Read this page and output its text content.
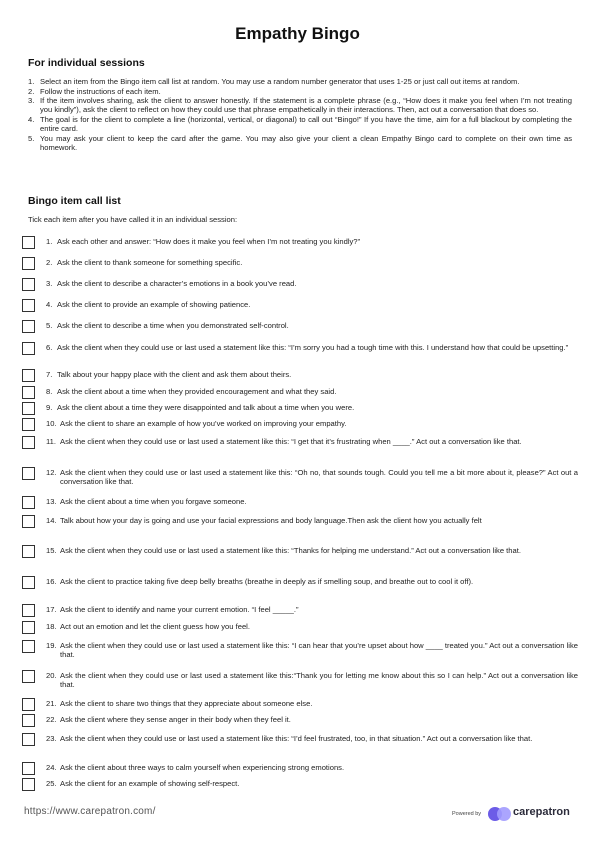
Empathy Bingo
For individual sessions
1. Select an item from the Bingo item call list at random. You may use a random number generator that uses 1-25 or just call out items at random.
2. Follow the instructions of each item.
3. If the item involves sharing, ask the client to answer honestly. If the statement is a complete phrase (e.g., “How does it make you feel when I’m not treating you kindly”), ask the client to reflect on how they could use that phrase empathetically in their interactions. Then, act out a conversation that does so.
4. The goal is for the client to complete a line (horizontal, vertical, or diagonal) to call out “Bingo!” If you have the time, aim for a full blackout by completing the entire card.
5. You may ask your client to keep the card after the game. You may also give your client a clean Empathy Bingo card to complete on their own time as homework.
Bingo item call list
Tick each item after you have called it in an individual session:
1. Ask each other and answer: “How does it make you feel when I’m not treating you kindly?”
2. Ask the client to thank someone for something specific.
3. Ask the client to describe a character’s emotions in a book you’ve read.
4. Ask the client to provide an example of showing patience.
5. Ask the client to describe a time when you demonstrated self-control.
6. Ask the client when they could use or last used a statement like this: “I’m sorry you had a tough time with this. I understand how that could be upsetting.”
7. Talk about your happy place with the client and ask them about theirs.
8. Ask the client about a time when they provided encouragement and what they said.
9. Ask the client about a time they were disappointed and talk about a time when you were.
10. Ask the client to share an example of how you’ve worked on improving your empathy.
11. Ask the client when they could use or last used a statement like this: “I get that it’s frustrating when ____.” Act out a conversation like that.
12. Ask the client when they could use or last used a statement like this: “Oh no, that sounds tough. Could you tell me a bit more about it, please?” Act out a conversation like that.
13. Ask the client about a time when you forgave someone.
14. Talk about how your day is going and use your facial expressions and body language.Then ask the client how you actually felt
15. Ask the client when they could use or last used a statement like this: “Thanks for helping me understand.” Act out a conversation like that.
16. Ask the client to practice taking five deep belly breaths (breathe in deeply as if smelling soup, and breathe out to cool it off).
17. Ask the client to identify and name your current emotion. “I feel _____.”
18. Act out an emotion and let the client guess how you feel.
19. Ask the client when they could use or last used a statement like this: “I can hear that you’re upset about how ____ treated you.” Act out a conversation like that.
20. Ask the client when they could use or last used a statement like this:“Thank you for letting me know about this so I can help.” Act out a conversation like that.
21. Ask the client to share two things that they appreciate about someone else.
22. Ask the client where they sense anger in their body when they feel it.
23. Ask the client when they could use or last used a statement like this: “I’d feel frustrated, too, in that situation.” Act out a conversation like that.
24. Ask the client about three ways to calm yourself when experiencing strong emotions.
25. Ask the client for an example of showing self-respect.
https://www.carepatron.com/	Powered by	carepatron
